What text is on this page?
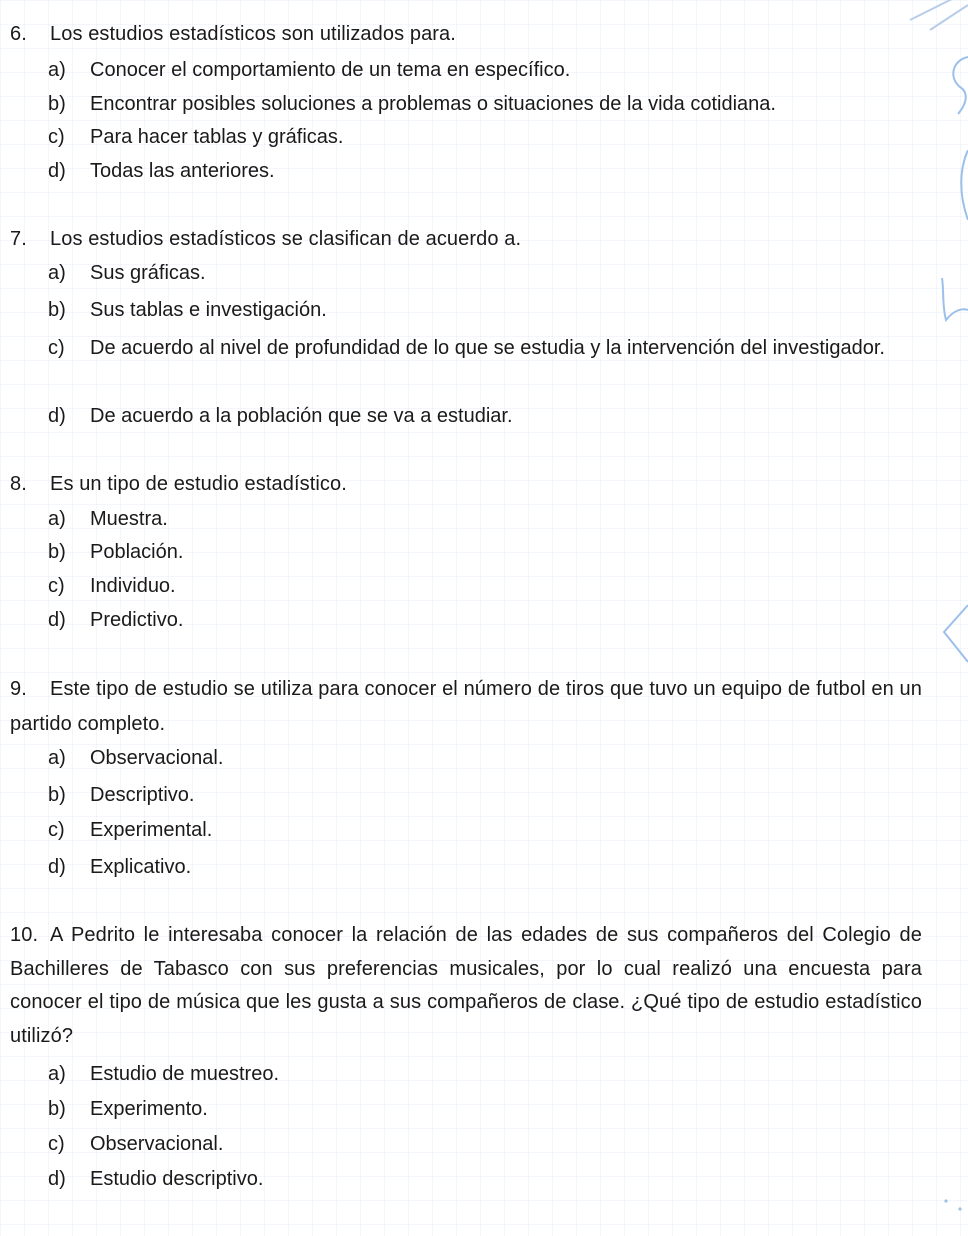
6. Los estudios estadísticos son utilizados para.
a) Conocer el comportamiento de un tema en específico.
b) Encontrar posibles soluciones a problemas o situaciones de la vida cotidiana.
c) Para hacer tablas y gráficas.
d) Todas las anteriores.
7. Los estudios estadísticos se clasifican de acuerdo a.
a) Sus gráficas.
b) Sus tablas e investigación.
c) De acuerdo al nivel de profundidad de lo que se estudia y la intervención del investigador.
d) De acuerdo a la población que se va a estudiar.
8. Es un tipo de estudio estadístico.
a) Muestra.
b) Población.
c) Individuo.
d) Predictivo.
9. Este tipo de estudio se utiliza para conocer el número de tiros que tuvo un equipo de futbol en un partido completo.
a) Observacional.
b) Descriptivo.
c) Experimental.
d) Explicativo.
10. A Pedrito le interesaba conocer la relación de las edades de sus compañeros del Colegio de Bachilleres de Tabasco con sus preferencias musicales, por lo cual realizó una encuesta para conocer el tipo de música que les gusta a sus compañeros de clase. ¿Qué tipo de estudio estadístico utilizó?
a) Estudio de muestreo.
b) Experimento.
c) Observacional.
d) Estudio descriptivo.
